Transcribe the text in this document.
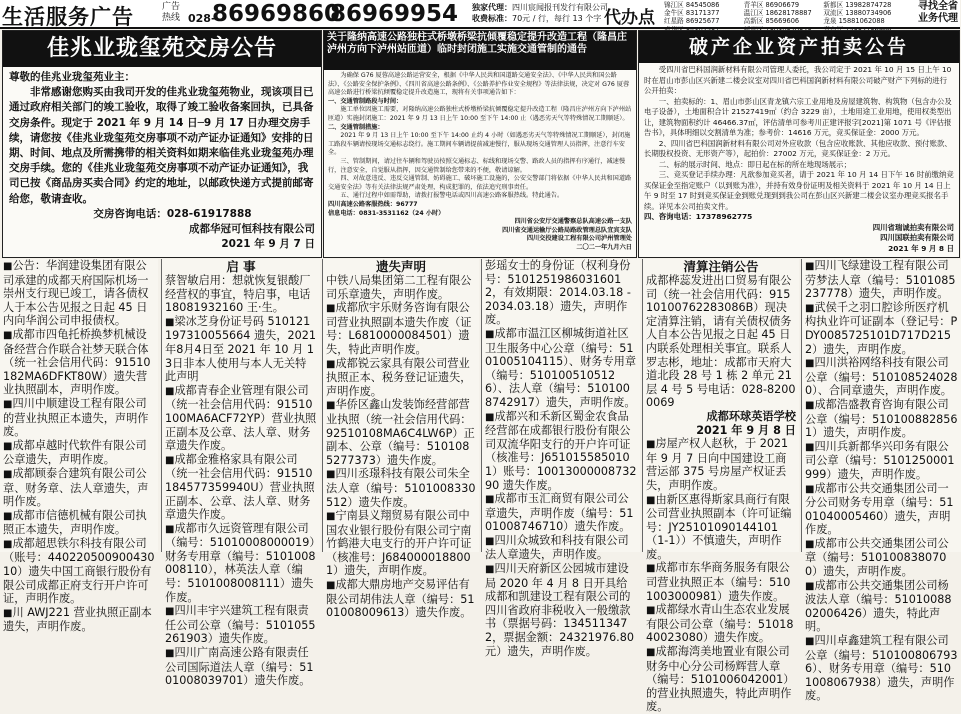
生活服务广告	广告热线 028-
86969860
86969954 独家代理：四川宸闻报刊发行有限公司
收费标准：70元 / 行，每行 13 个字 代办点
锦江区 84545086
金牛区 83171377
红星路 86925677
青羊区 86906679
温江区 18628178887
高新区 85669606
新都区 13982874728
双流区 13880734906
龙泉 15881062088
寻找全省
业务代理
佳兆业珑玺苑交房公告

尊敬的佳兆业珑玺苑业主：

非常感谢您购买由我司开发的佳兆业珑玺苑物业，现该项目已通过政府相关部门的竣工验收，取得了竣工验收备案回执，已具备交房条件。现定于 2021 年 9 月 14 日─9 月 17 日办理交房手续，请您按《佳兆业珑玺苑交房事项不动产证办证通知》安排的日期、时间、地点及所需携带的相关资料如期来临佳兆业珑玺苑办理交房手续。您的《佳兆业珑玺苑交房事项不动产证办证通知》，我司已按《商品房买卖合同》约定的地址，以邮政快递方式提前邮寄给您，敬请查收。

交房咨询电话：028-61917888

成都华冠可恒科技有限公司

2021 年 9 月 7 日

关于隆纳高速公路独柱式桥墩桥梁抗倾覆稳定提升改造工程（隆昌庄泸州方向下泸州站匝道）临时封闭施工实施交通管制的通告

为确保 G76 厦蓉高速公路运营安全，根据《中华人民共和国道路交通安全法》、《中华人民共和国公路法》、《公路安全保护条例》、《四川省高速公路条例》、《公路养护作业安全规程》等法律法规，决定对 G76 厦蓉高速公路进行桥梁抗倾覆稳定提升改造施工，现将有关事项通告如下：

一、交通管制路段与时间：

施工单位因施工需要，对隆纳高速公路独柱式桥墩桥梁抗倾覆稳定提升改造工程（隆昌庄泸州方向下泸州站匝道）实施封闭施工：2021 年 9 月 13 日上午 10:00 至下午 14:00 止（遇恶劣天气等特殊情况工期顺延）。

二、交通管制措施：

2021 年 9 月 13 日上午 10:00 至下午 14:00 止约 4 小时（如遇恶劣天气等特殊情况工期顺延），封闭施工路段车辆请按现场交通标志绕行。施工期间车辆请提前减速慢行，服从现场交通管理人员指挥，注意行车安全。

三、管制期间，请过往车辆和驾驶员按照交通标志、标线和现场交警、路政人员的指挥有序通行，减速慢行，注意安全，自觉服从指挥，因交通管制给您带来的不便，敬请谅解。

四、对故意违反、违反交通管制、妨碍施工、破坏施工设施的，公安交警部门将依据《中华人民共和国道路交通安全法》等有关法律法规严肃处理，构成犯罪的，依法追究刑事责任。

五、通行过程中如需帮助，请拨打报警电话或四川高速公路客服热线。特此通告。

四川高速公路客服热线：96777

信息电话：0831-3531162（24 小时）

四川省公安厅交通警察总队高速公路一支队

四川省交通运输厅公路局路政管理总队宜宾支队

四川交投建设工程有限公司泸州管理处

二〇二一年九月六日

破产企业资产拍卖公告

受四川省巴科国润新材料有限公司管理人委托，我公司定于 2021 年 10 月 15 日上午 10 时在眉山市彭山区兴新建二楼会议室对四川省巴科国润新材料有限公司破产财产下列标的进行公开拍卖：

一、拍卖标的：1、眉山市彭山区青龙镇六宗工业用地及房屋建筑物、构筑物（包含办公及电子设备），土地面积合计 21527419㎡（约合 3229 亩），土地用途工业用地，使用权类型出让，建筑物面积约计 46466.37㎡，评估清单可参考川正建评报字[2021]第 1071 号《评估报告书》，具体明细以交割清单为准；参考价：14616 万元，竞买保证金：2000 万元。

2、四川省巴科国润新材料有限公司对外应收款（包含应收账款、其他应收款、预付账款、长期股权投资、无形资产等），起拍价：27002 万元，竞买保证金：2 万元。

二、标的展示时间、地点：即日起在标的所在地现场展示；

三、竞买登记手续办理：凡欲参加竞买者，请于 2021 年 10 月 14 日下午 16 时前缴纳竞买保证金至指定账户（以到账为准），并持有效身份证明及相关资料于 2021 年 10 月 14 日上午 9 时至 17 时到竞买保证金到账兑现到到我公司在彭山区兴新建二楼会议室办理竞买报名手续。详见本公司拍卖文件。

四、咨询电话：17378962775

四川省瑞诚拍卖有限公司

四川国联拍卖有限公司

2021 年 9 月 8 日

■ 公告：华润建设集团有限公司承建的成都天府国际机场一崇州支行现已竣工，请各债权人于本公告见报之日起 45 日内向华润公司申报债权。

■ 成都市四龟托桥换梦机械设备经营合作联合社梦天联合体（统一社会信用代码：91510182MA6DFKT80W）遗失营业执照副本，声明作废。

■ 四川中顺建设工程有限公司的营业执照正本遗失，声明作废。

■ 成都卓越时代软件有限公司公章遗失，声明作废。

■ 成都顾泰合建筑有限公司公章、财务章、法人章遗失，声明作废。

■ 成都市信德机械有限公司执照正本遗失，声明作废。

■ 成都超思铁尔科技有限公司（账号：44022050090043010）遗失中国工商银行股份有限公司成都正府支行开户许可证，声明作废。

■ 川 AWJ221 营业执照正副本遗失，声明作废。

启 事

蔡智敏启用：想就恢复银酸厂经营权的事宜，特启事，电话 18081932160 王·生。

■ 梁冰芝身份证号码 510121197310055664 遗失，2021年8月4日至 2021 年 10 月 13日非本人使用与本人无关特此声明

■ 成都青春企业管理有限公司（统一社会信用代码：91510100MA6ACF72YP）营业执照正副本及公章、法人章、财务章遗失作废。

■ 成都金雅格家具有限公司（统一社会信用代码：91510184577359940U）营业执照正副本、公章、法人章、财务章遗失作废。

■ 成都市久远资管理有限公司（编号：51010008000019）财务专用章（编号：5101008008110），林英法人章（编号：5101008008111）遗失作废。

■ 四川丰宇兴建筑工程有限责任公司公章（编号：5101055261903）遗失作废。

■ 四川广南高速公路有限责任公司国际道法人章（编号：5101008039701）遗失作废。

遗失声明

中铁八局集团第二工程有限公司乐章遗失，声明作废。

■ 成都欣宇乐财务咨询有限公司营业执照副本遗失作废（证号：L6810000084501）遗失，特此声明作废。

■ 成都锐云家具有限公司营业执照正本、税务登记证遗失，声明作废。

■ 华侨区鑫山发装饰经营部营业执照（统一社会信用代码：92510108MA6C4LW6P）正副本、公章（编号：5101085277373）遗失作废。

■ 四川丞璟科技有限公司朱全法人章（编号：5101008330512）遗失作废。

■ 宁南县义翔贸易有限公司中国农业银行股份有限公司宁南竹鹤港大电支行的开户许可证（核准号：J6840000188001）遗失，声明作废。

■ 成都大鼎房地产交易评估有限公司胡伟法人章（编号：5101008009613）遗失作废。

彭瑶女士的身份证（权利身份号：51012519860316012，有效期限：2014.03.18 -2034.03.18）遗失，声明作废。

■ 成都市温江区柳城街道社区卫生服务中心公章（编号：5101005104115）、财务专用章（编号：5101005105126）、法人章（编号：5101008742917）遗失，声明作废。

■ 成都兴和禾新区蜀金农食品经营部在成都银行股份有限公司双流华阳支行的开户许可证（核准号：J6510155850101）账号：1001300000873290 遗失作废。

■ 成都市玉汇商贸有限公司公章遗失，声明作废（编号：5101008746710）遗失作废。

■ 四川众城致和科技有限公司法人章遗失，声明作废。

■ 四川天府新区公园城市建设局 2020 年 4 月 8 日开具给成都和凯建设工程有限公司的四川省政府非税收入一般缴款书（票据号码：1345113472，票据金额：24321976.80 元）遗失，声明作废。

清算注销公告

成都桦蕊发进出口贸易有限公司（统一社会信用代码：91510100762283086B）现决定清算注销，请有关债权债务人自本公告见报之日起 45 日内联系处理相关事宜。联系人罗志彬，地址：成都市天府大道北段 28 号 1 栋 2 单元 21 层 4 号 5 号电话：028-82000069

成都环球英语学校

2021 年 9 月 8 日

■ 房屋产权人赵秋，于 2021 年 9 月 7 日向中国建设工商营运部 375 号房屋产权证丢失，声明作废。

■ 由新区惠得斯家具商行有限公司营业执照副本（许可证编号：JY25101090144101（1-1））不慎遗失，声明作废。

■ 成都市东华商务服务有限公司营业执照正本（编号：5101003000981）遗失作废。

■ 成都绿水青山生态农业发展有限公司公章（编号：5101840023080）遗失作废。

■ 成都海湾美地置业有限公司财务中心分公司杨辉营人章（编号：5101006042001）的营业执照遗失，特此声明作废。

■ 四川飞绿建设工程有限公司劳梦法人章（编号：5101085237778）遗失，声明作废。

■ 武侯千之羽口腔诊所医疗机构执业许可证副本（登记号：PDY0085725101D717D2152）遗失，声明作废。

■ 四川洪裕网络科技有限公司公章（编号：5101085240280）、合同章遗失，声明作废。

■ 成都浩盛教育咨询有限公司公章（编号：5101008828561）遗失，声明作废。

■ 四川兵新都华兴印务有限公司公章（编号：5101250001999）遗失，声明作废。

■ 成都市公共交通集团公司一分公司财务专用章（编号：5101040005460）遗失，声明作废。

■ 成都市公共交通集团公司公章（编号：5101008380700）遗失，声明作废。

■ 成都市公共交通集团公司杨波法人章（编号：5101008802006426）遗失，特此声明。

■ 四川卓鑫建筑工程有限公司公章（编号：5101008067936）、财务专用章（编号：5101008067938）遗失，声明作废。
